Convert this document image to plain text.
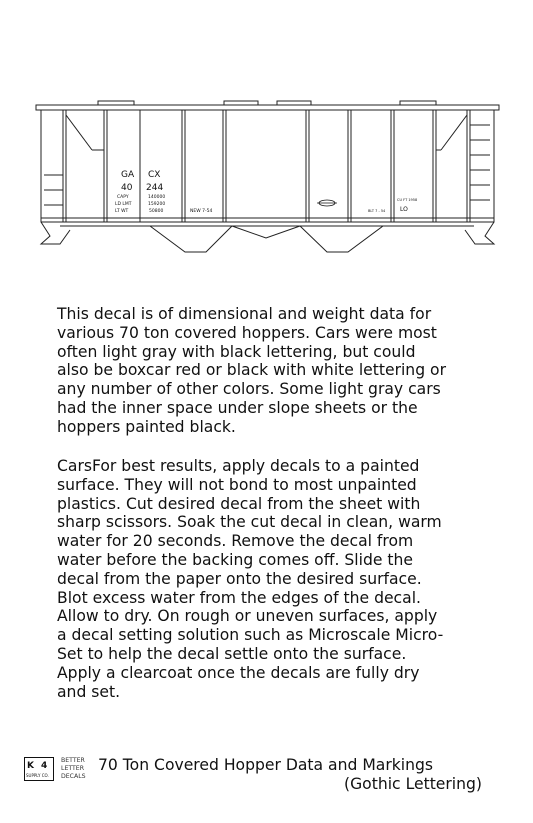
GA CX
40 244
CAPY	140000
LD LMT	159200
LT WT	50800	NEW 7-54	BLT 7 - 54
CU FT 1958
LO

This decal is of dimensional and weight data for
various 70 ton covered hoppers. Cars were most
often light gray with black lettering, but could
also be boxcar red or black with white lettering or
any number of other colors. Some light gray cars
had the inner space under slope sheets or the
hoppers painted black.

CarsFor best results, apply decals to a painted
surface. They will not bond to most unpainted
plastics. Cut desired decal from the sheet with
sharp scissors. Soak the cut decal in clean, warm
water for 20 seconds. Remove the decal from
water before the backing comes off. Slide the
decal from the paper onto the desired surface.
Blot excess water from the edges of the decal.
Allow to dry. On rough or uneven surfaces, apply
a decal setting solution such as Microscale Micro-
Set to help the decal settle onto the surface.
Apply a clearcoat once the decals are fully dry
and set.

K 4
SUPPLY CO.
BETTER
LETTER
DECALS
70 Ton Covered Hopper Data and Markings
(Gothic Lettering)
